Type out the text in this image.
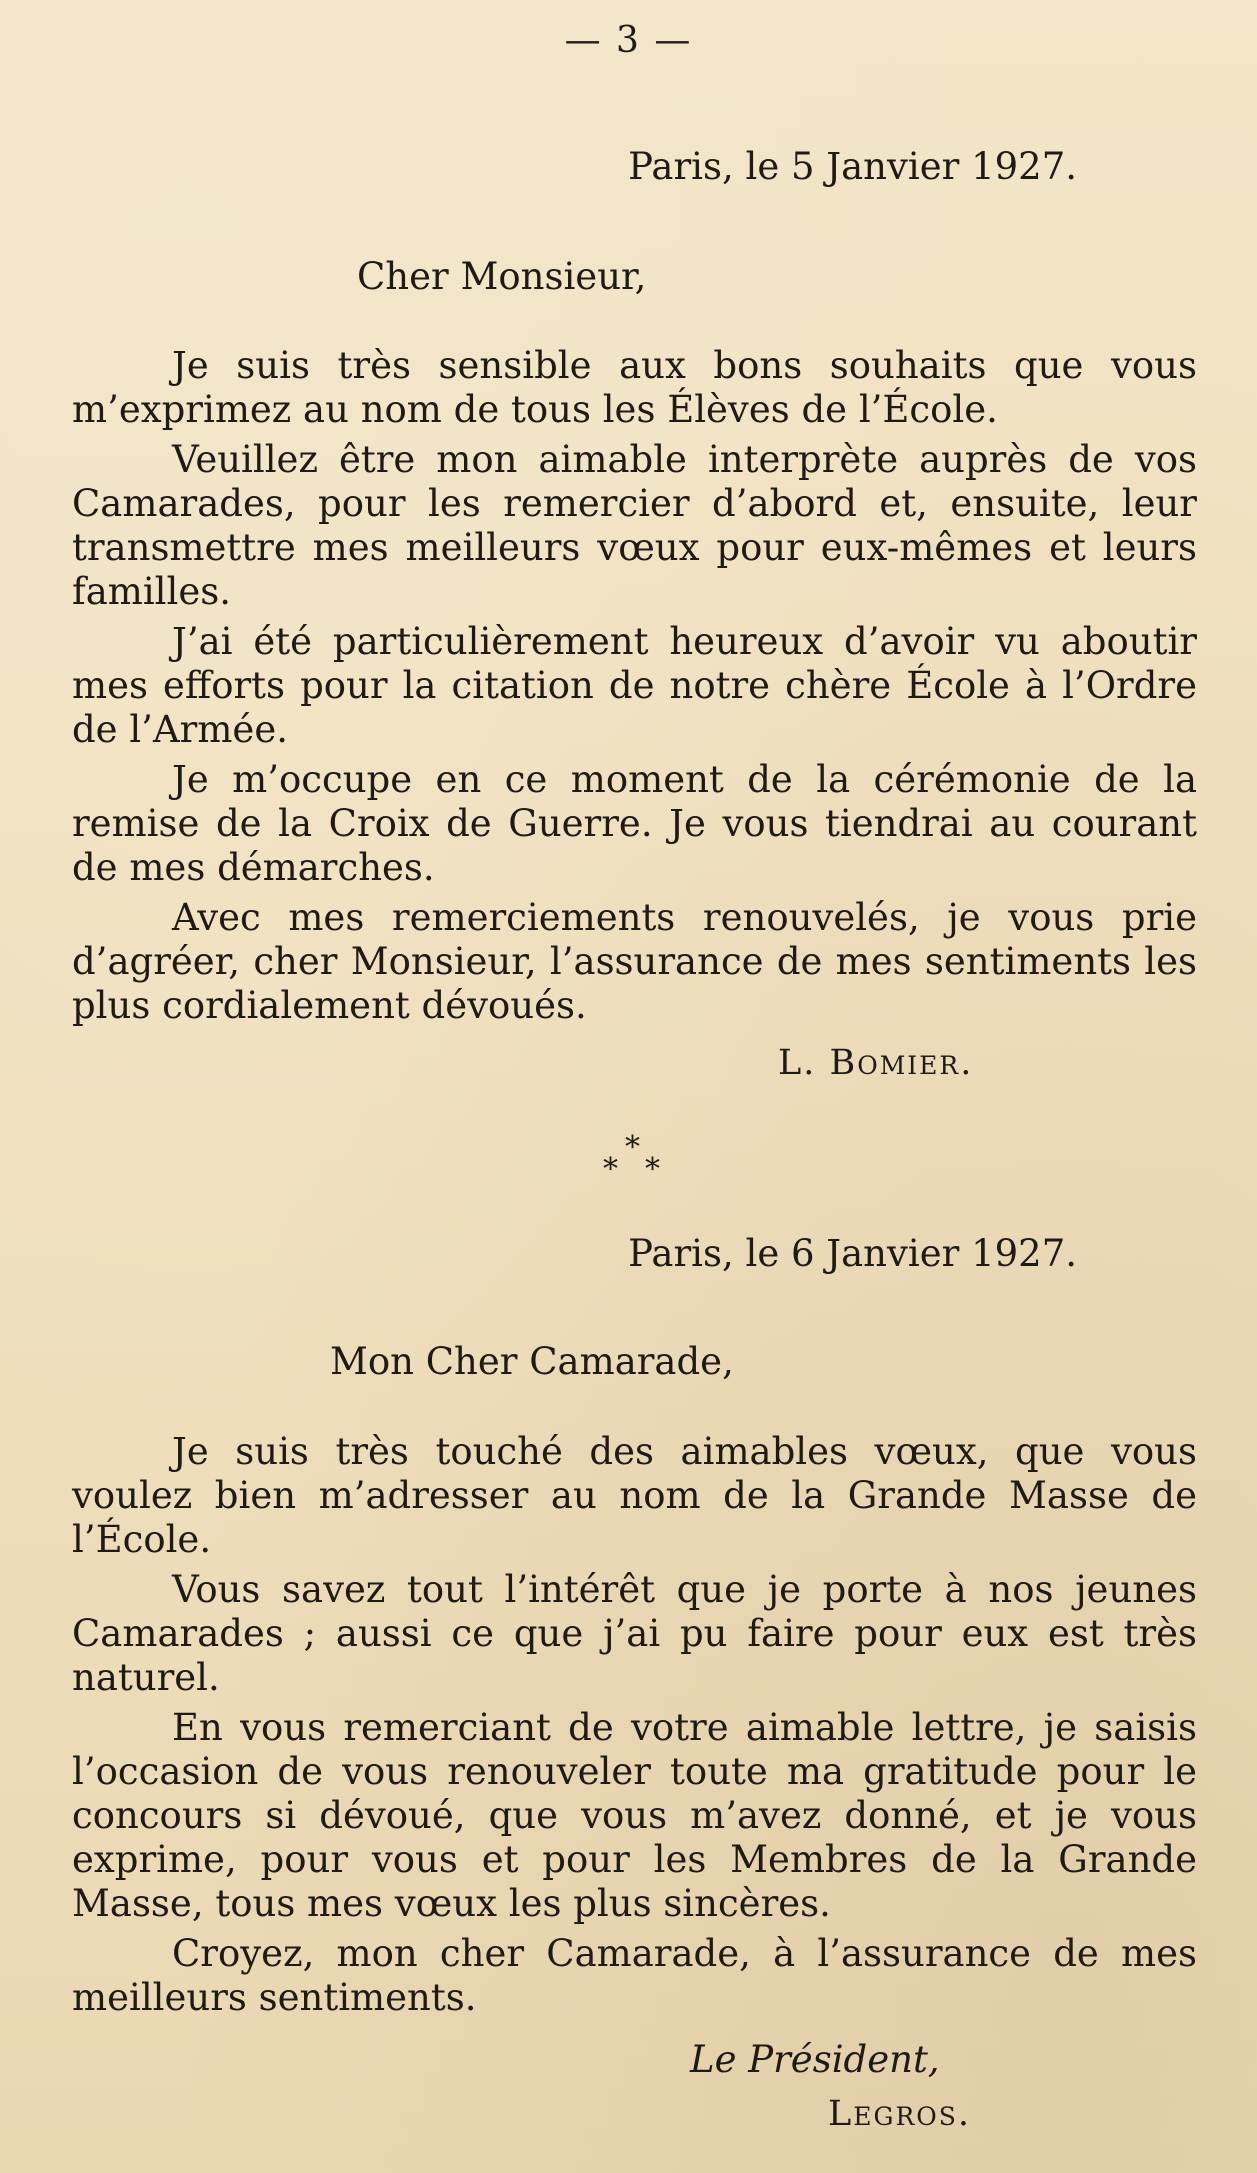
— 3 —
Paris, le 5 Janvier 1927.
Cher Monsieur,

Je suis très sensible aux bons souhaits que vous m’exprimez au nom de tous les Élèves de l’École.

Veuillez être mon aimable interprète auprès de vos Camarades, pour les remercier d’abord et, ensuite, leur transmettre mes meilleurs vœux pour eux-mêmes et leurs familles.

J’ai été particulièrement heureux d’avoir vu aboutir mes efforts pour la citation de notre chère École à l’Ordre de l’Armée.

Je m’occupe en ce moment de la cérémonie de la remise de la Croix de Guerre. Je vous tiendrai au courant de mes démarches.

Avec mes remerciements renouvelés, je vous prie d’agréer, cher Monsieur, l’assurance de mes sentiments les plus cordialement dévoués.

L. Bomier.
*
* *
Paris, le 6 Janvier 1927.
Mon Cher Camarade,

Je suis très touché des aimables vœux, que vous voulez bien m’adresser au nom de la Grande Masse de l’École.

Vous savez tout l’intérêt que je porte à nos jeunes Camarades ; aussi ce que j’ai pu faire pour eux est très naturel.

En vous remerciant de votre aimable lettre, je saisis l’occasion de vous renouveler toute ma gratitude pour le concours si dévoué, que vous m’avez donné, et je vous exprime, pour vous et pour les Membres de la Grande Masse, tous mes vœux les plus sincères.

Croyez, mon cher Camarade, à l’assurance de mes meilleurs sentiments.

Le Président,
Legros.
